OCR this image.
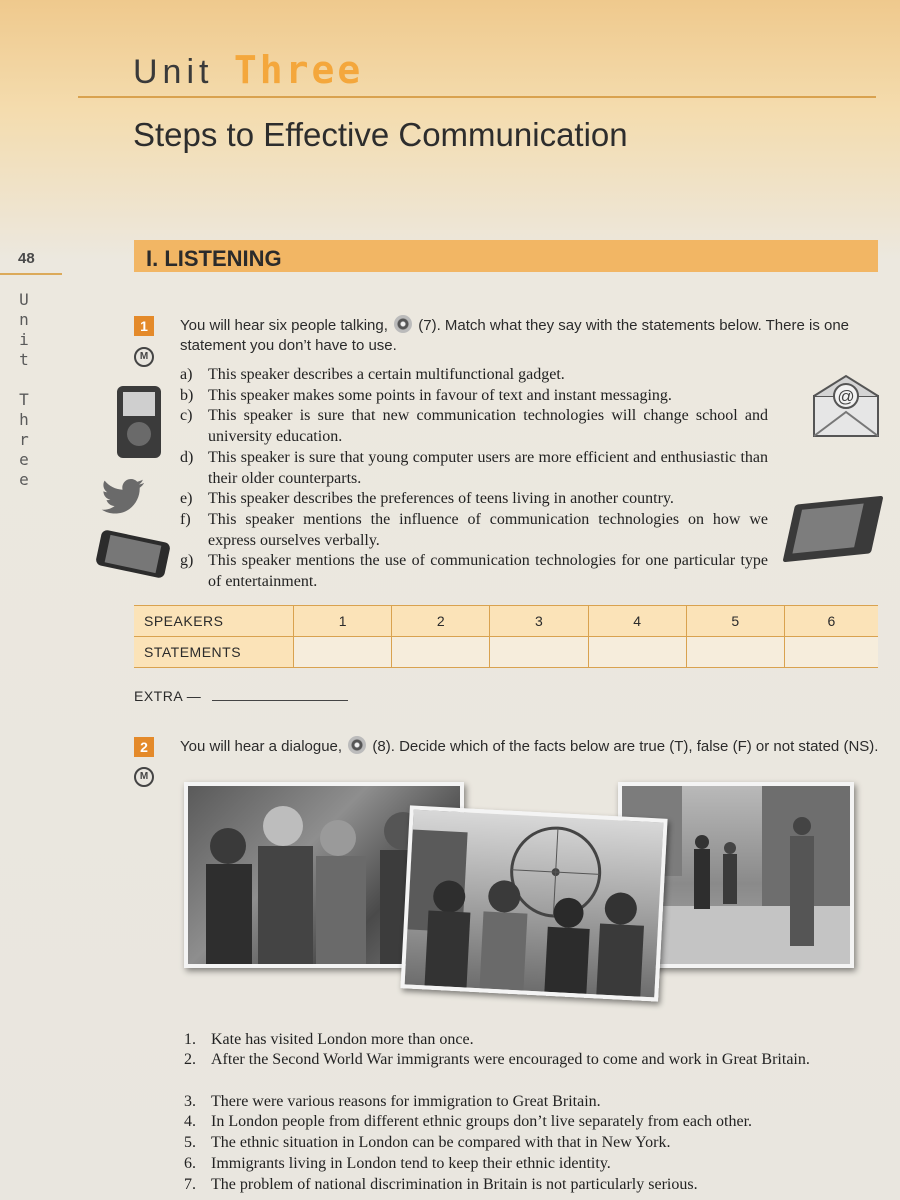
Unit Three
Steps to Effective Communication
48
U
n
i
t

T
h
r
e
e
I. LISTENING
1
M
You will hear six people talking, (7). Match what they say with the statements below. There is one statement you don’t have to use.
@
a) This speaker describes a certain multifunctional gadget.
b) This speaker makes some points in favour of text and instant messaging.
c) This speaker is sure that new communication technologies will change school and university education.
d) This speaker is sure that young computer users are more efficient and enthusiastic than their older counterparts.
e) This speaker describes the preferences of teens living in another country.
f) This speaker mentions the influence of communication technologies on how we express ourselves verbally.
g) This speaker mentions the use of communication technologies for one particular type of entertainment.
SPEAKERS	1	2	3	4	5	6
STATEMENTS						
EXTRA —
2
M
You will hear a dialogue, (8). Decide which of the facts below are true (T), false (F) or not stated (NS).
1. Kate has visited London more than once.
2. After the Second World War immigrants were encouraged to come and work in Great Britain.
3. There were various reasons for immigration to Great Britain.
4. In London people from different ethnic groups don’t live separately from each other.
5. The ethnic situation in London can be compared with that in New York.
6. Immigrants living in London tend to keep their ethnic identity.
7. The problem of national discrimination in Britain is not particularly serious.
